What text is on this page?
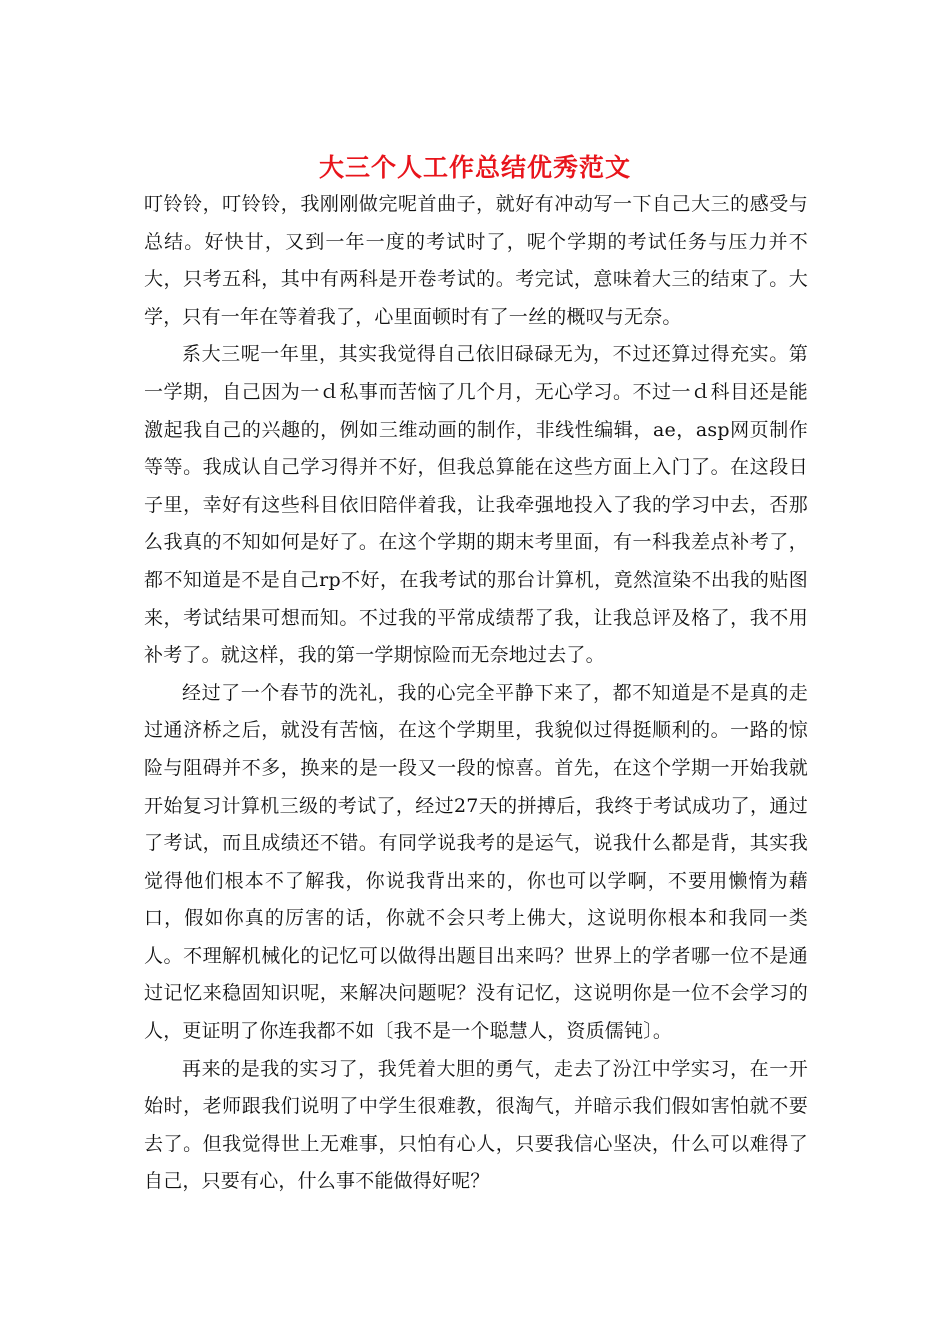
大三个人工作总结优秀范文

叮铃铃，叮铃铃，我刚刚做完呢首曲子，就好有冲动写一下自己大三的感受与总结。好快甘，又到一年一度的考试时了，呢个学期的考试任务与压力并不大，只考五科，其中有两科是开卷考试的。考完试，意味着大三的结束了。大学，只有一年在等着我了，心里面顿时有了一丝的概叹与无奈。

系大三呢一年里，其实我觉得自己依旧碌碌无为，不过还算过得充实。第一学期，自己因为一ｄ私事而苦恼了几个月，无心学习。不过一ｄ科目还是能激起我自己的兴趣的，例如三维动画的制作，非线性编辑，ae，asp网页制作等等。我成认自己学习得并不好，但我总算能在这些方面上入门了。在这段日子里，幸好有这些科目依旧陪伴着我，让我牵强地投入了我的学习中去，否那么我真的不知如何是好了。在这个学期的期末考里面，有一科我差点补考了，都不知道是不是自己rp不好，在我考试的那台计算机，竟然渲染不出我的贴图来，考试结果可想而知。不过我的平常成绩帮了我，让我总评及格了，我不用补考了。就这样，我的第一学期惊险而无奈地过去了。

经过了一个春节的洗礼，我的心完全平静下来了，都不知道是不是真的走过通济桥之后，就没有苦恼，在这个学期里，我貌似过得挺顺利的。一路的惊险与阻碍并不多，换来的是一段又一段的惊喜。首先，在这个学期一开始我就开始复习计算机三级的考试了，经过27天的拼搏后，我终于考试成功了，通过了考试，而且成绩还不错。有同学说我考的是运气，说我什么都是背，其实我觉得他们根本不了解我，你说我背出来的，你也可以学啊，不要用懒惰为藉口，假如你真的厉害的话，你就不会只考上佛大，这说明你根本和我同一类人。不理解机械化的记忆可以做得出题目出来吗？世界上的学者哪一位不是通过记忆来稳固知识呢，来解决问题呢？没有记忆，这说明你是一位不会学习的人，更证明了你连我都不如〔我不是一个聪慧人，资质儒钝〕。

再来的是我的实习了，我凭着大胆的勇气，走去了汾江中学实习，在一开始时，老师跟我们说明了中学生很难教，很淘气，并暗示我们假如害怕就不要去了。但我觉得世上无难事，只怕有心人，只要我信心坚决，什么可以难得了自己，只要有心，什么事不能做得好呢？
